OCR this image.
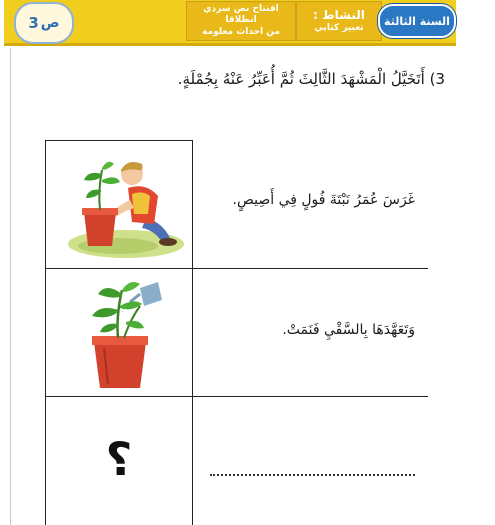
3 ص
افتتاح نص سردي انطلاقا
من احداث معلومة
النشاط :
تعبير كتابي
السنة الثالثة
3) أَتَخَيَّلُ الْمَشْهَدَ الثَّالِثَ ثُمَّ أُعَبِّرُ عَنْهُ بِجُمْلَةٍ.
غَرَسَ عُمَرُ نَبْتَةَ فُولٍ فِي أَصِيصٍ.
وَتَعَهَّدَهَا بِالسَّقْيِ فَنَمَتْ.
؟
